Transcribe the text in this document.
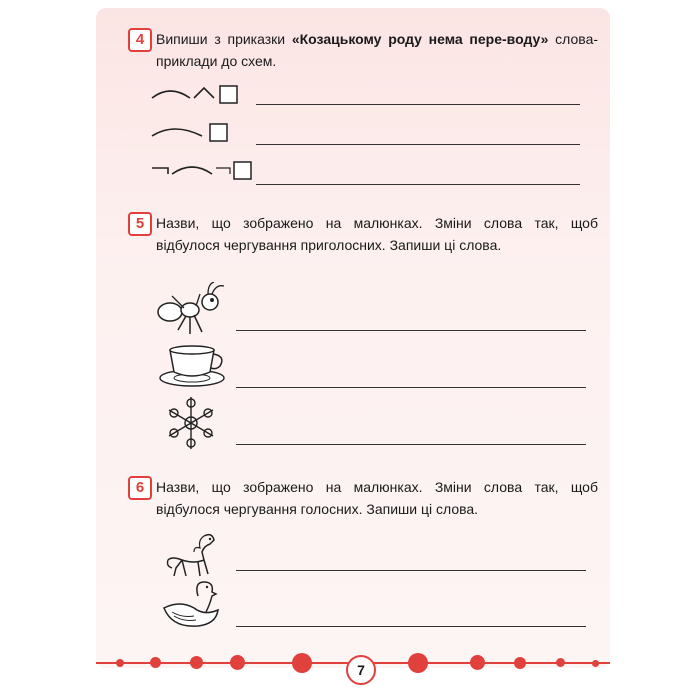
4 Випиши з приказки «Козацькому роду нема пере-воду» слова-приклади до схем.
5 Назви, що зображено на малюнках. Зміни слова так, щоб відбулося чергування приголосних. Запиши ці слова.
6 Назви, що зображено на малюнках. Зміни слова так, щоб відбулося чергування голосних. Запиши ці слова.
7
